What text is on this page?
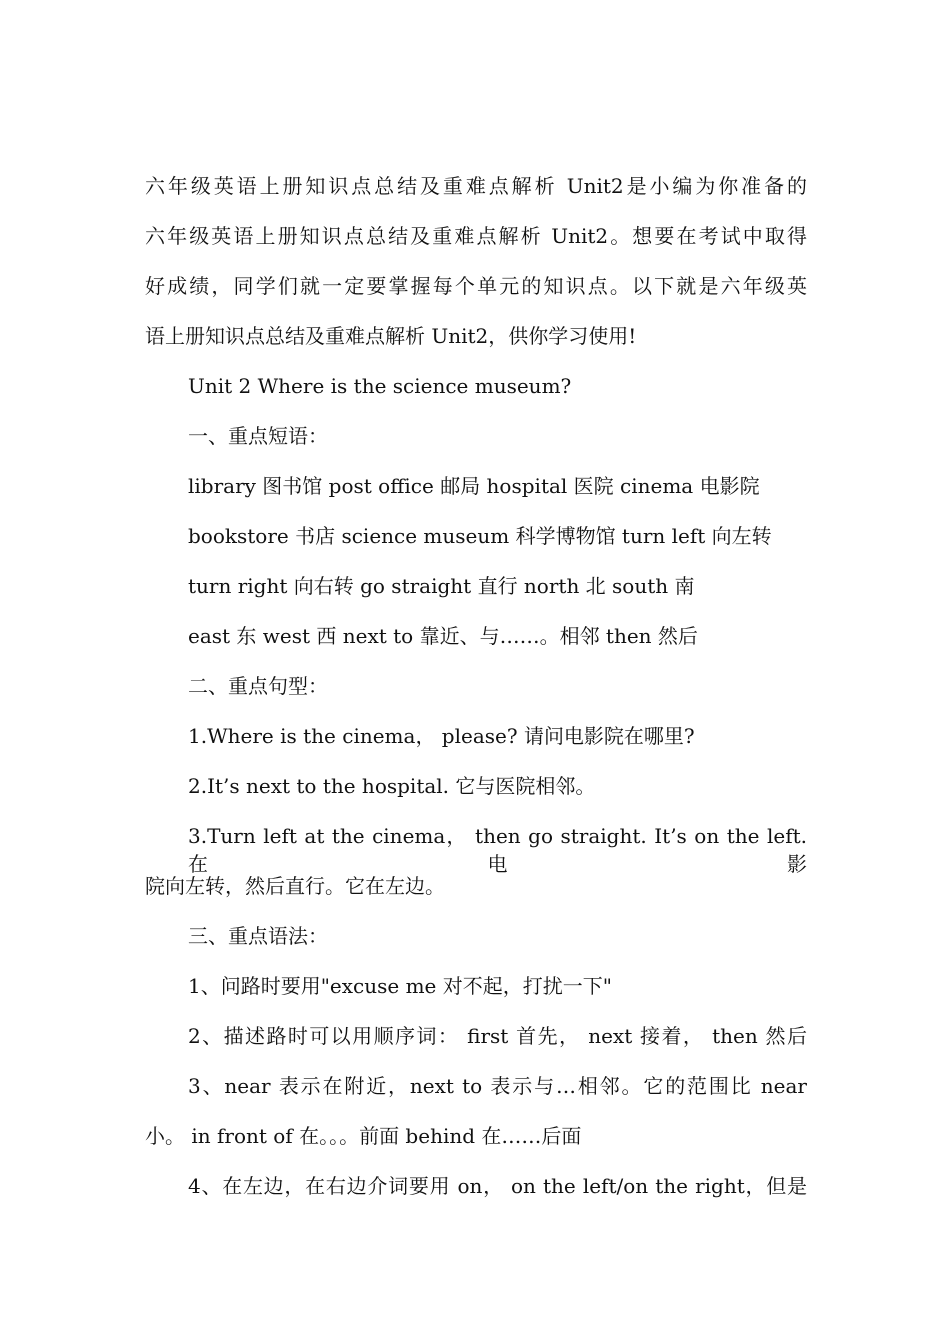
六年级英语上册知识点总结及重难点解析 Unit2是小编为你准备的
六年级英语上册知识点总结及重难点解析 Unit2。想要在考试中取得
好成绩，同学们就一定要掌握每个单元的知识点。以下就是六年级英
语上册知识点总结及重难点解析 Unit2，供你学习使用!
Unit 2 Where is the science museum?
一、重点短语：
library 图书馆 post office 邮局 hospital 医院 cinema 电影院
bookstore 书店 science museum 科学博物馆 turn left 向左转
turn right 向右转 go straight 直行 north 北 south 南
east 东 west 西 next to 靠近、与……。相邻 then 然后
二、重点句型：
1.Where is the cinema， please? 请问电影院在哪里?
2.It’s next to the hospital. 它与医院相邻。
3.Turn left at the cinema， then go straight. It’s on the left. 在电影
院向左转，然后直行。它在左边。
三、重点语法：
1、问路时要用"excuse me 对不起，打扰一下"
2、描述路时可以用顺序词： first 首先， next 接着， then 然后
3、near 表示在附近，next to 表示与…相邻。它的范围比 near
小。 in front of 在。。。前面 behind 在……后面
4、在左边，在右边介词要用 on， on the left/on the right，但是
